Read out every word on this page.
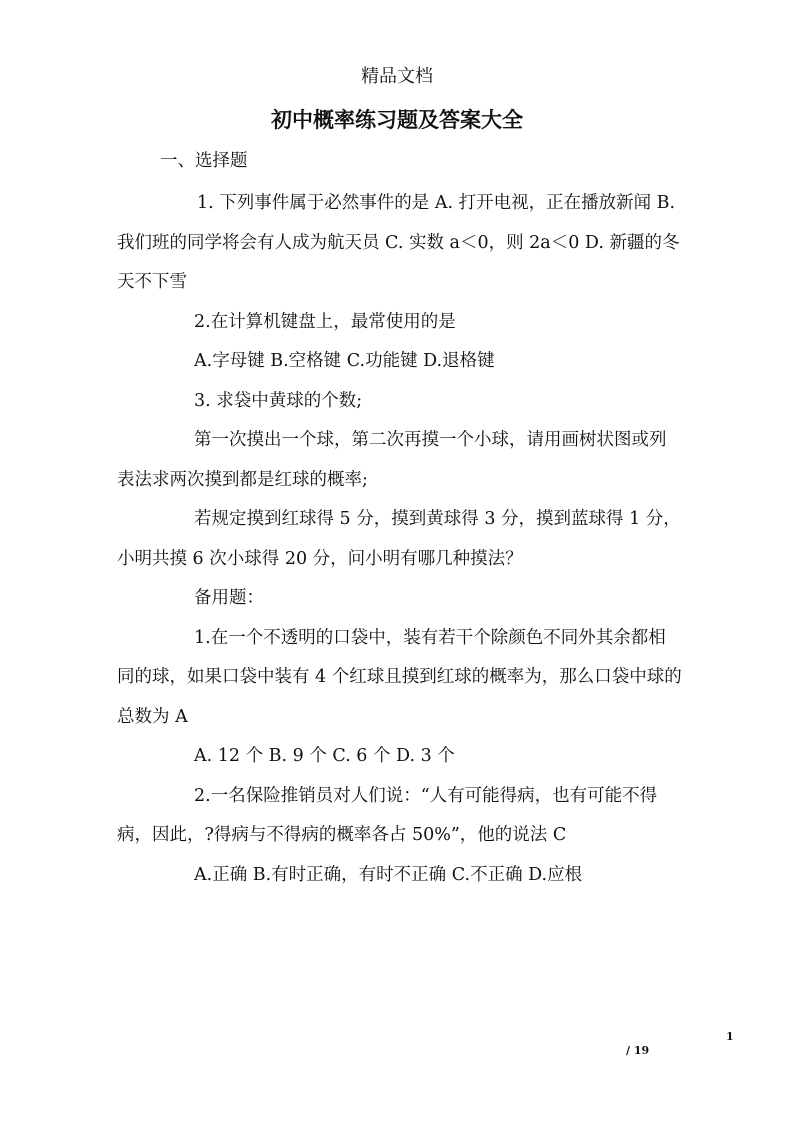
精品文档
初中概率练习题及答案大全
一、选择题

1. 下列事件属于必然事件的是 A. 打开电视，正在播放新闻 B. 我们班的同学将会有人成为航天员 C. 实数 a＜0，则 2a＜0 D. 新疆的冬天不下雪

2.在计算机键盘上，最常使用的是

A.字母键 B.空格键 C.功能键 D.退格键

3. 求袋中黄球的个数;

第一次摸出一个球，第二次再摸一个小球，请用画树状图或列表法求两次摸到都是红球的概率;

若规定摸到红球得 5 分，摸到黄球得 3 分，摸到蓝球得 1 分，小明共摸 6 次小球得 20 分，问小明有哪几种摸法？

备用题：

1.在一个不透明的口袋中，装有若干个除颜色不同外其余都相同的球，如果口袋中装有 4 个红球且摸到红球的概率为，那么口袋中球的总数为 A

A. 12 个 B. 9 个 C. 6 个 D. 3 个

2.一名保险推销员对人们说：“人有可能得病，也有可能不得病，因此，?得病与不得病的概率各占 50%”，他的说法 C

A.正确 B.有时正确，有时不正确 C.不正确 D.应根

1
/ 19
